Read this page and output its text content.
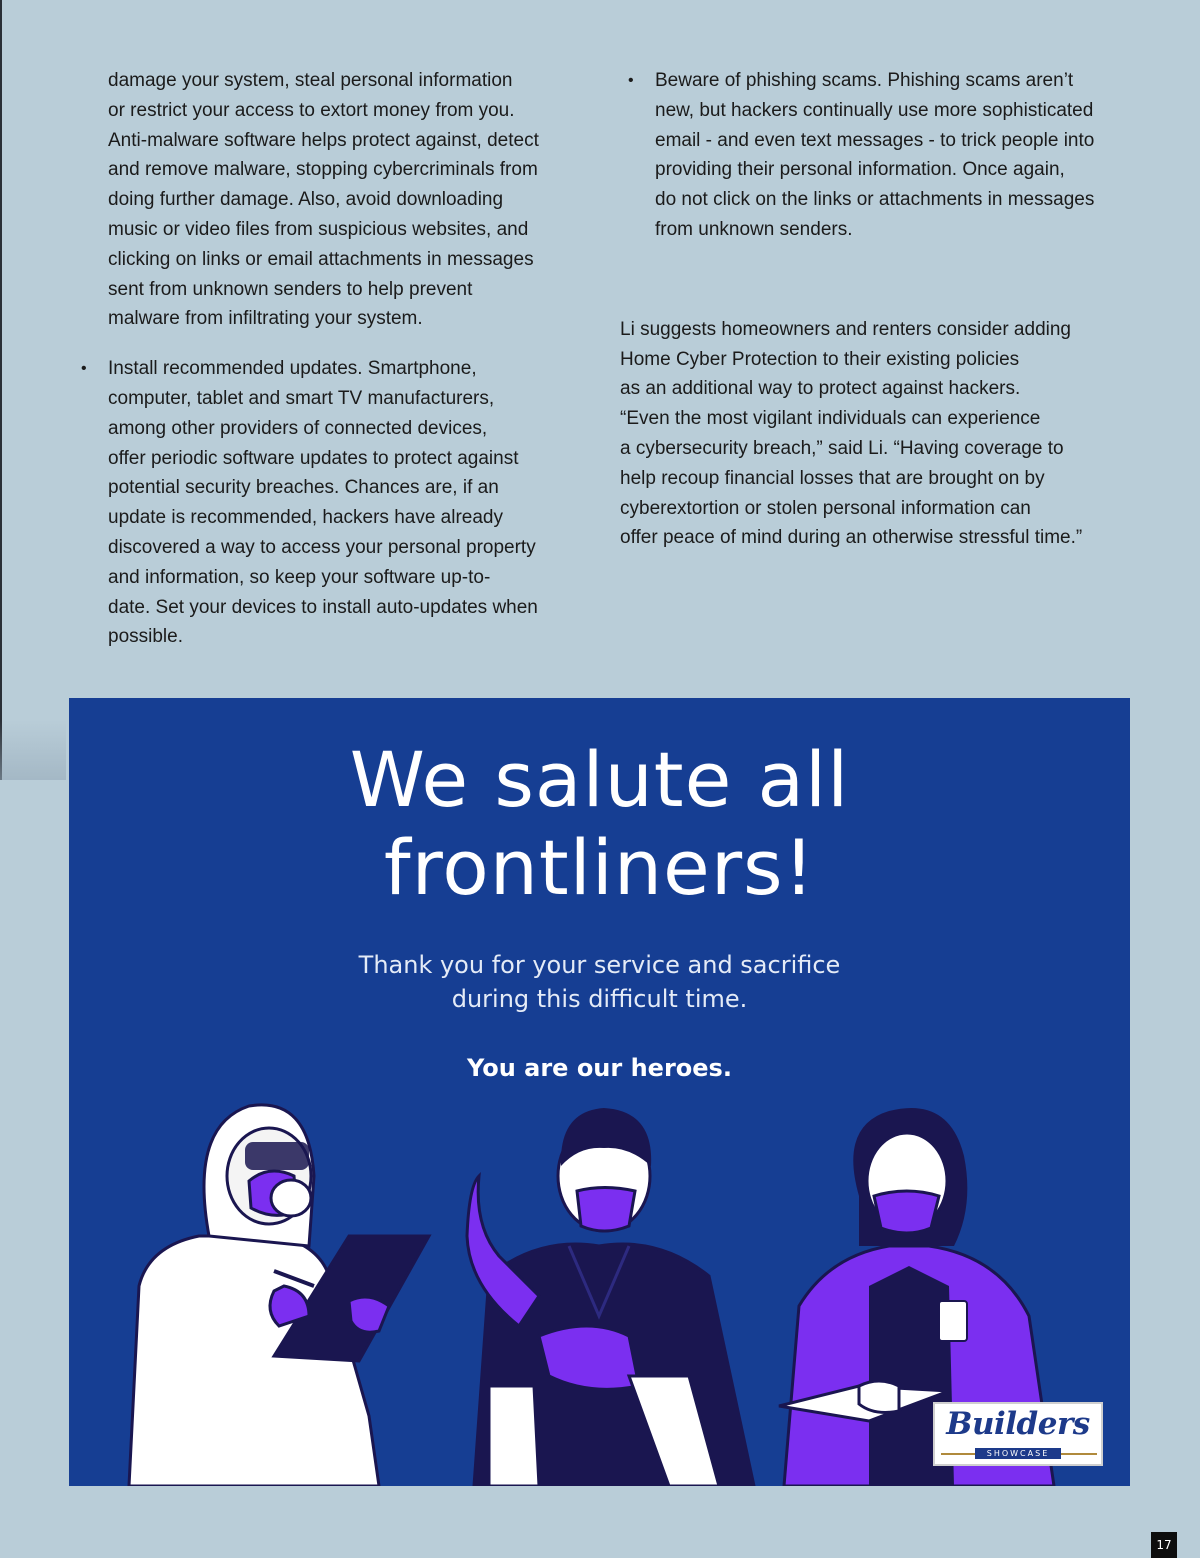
damage your system, steal personal information
or restrict your access to extort money from you.
Anti-malware software helps protect against, detect
and remove malware, stopping cybercriminals from
doing further damage. Also, avoid downloading
music or video files from suspicious websites, and
clicking on links or email attachments in messages
sent from unknown senders to help prevent
malware from infiltrating your system.
• Install recommended updates. Smartphone,
computer, tablet and smart TV manufacturers,
among other providers of connected devices,
offer periodic software updates to protect against
potential security breaches. Chances are, if an
update is recommended, hackers have already
discovered a way to access your personal property
and information, so keep your software up-to-
date. Set your devices to install auto-updates when
possible.
• Beware of phishing scams. Phishing scams aren’t
new, but hackers continually use more sophisticated
email - and even text messages - to trick people into
providing their personal information. Once again,
do not click on the links or attachments in messages
from unknown senders.
Li suggests homeowners and renters consider adding
Home Cyber Protection to their existing policies
as an additional way to protect against hackers.
“Even the most vigilant individuals can experience
a cybersecurity breach,” said Li. “Having coverage to
help recoup financial losses that are brought on by
cyberextortion or stolen personal information can
offer peace of mind during an otherwise stressful time.”
We salute all
frontliners!
Thank you for your service and sacrifice
during this difficult time.
You are our heroes.
Builders
SHOWCASE
17
